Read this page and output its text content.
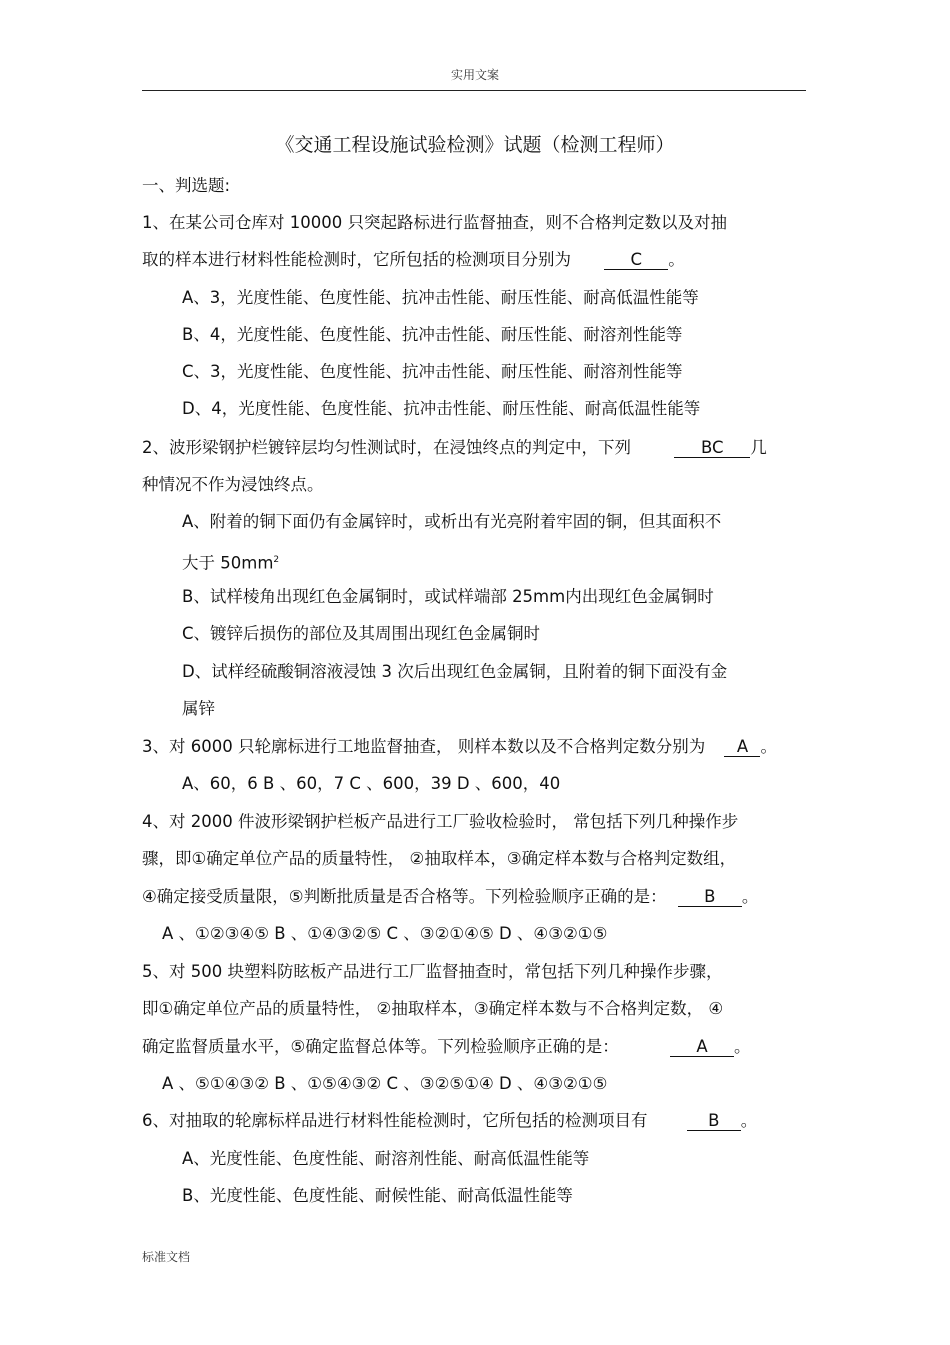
实用文案
《交通工程设施试验检测》试题（检测工程师）
一、判选题:
1、在某公司仓库对 10000 只突起路标进行监督抽查，则不合格判定数以及对抽
取的样本进行材料性能检测时，它所包括的检测项目分别为	C 。
A、3，光度性能、色度性能、抗冲击性能、耐压性能、耐高低温性能等
B、4，光度性能、色度性能、抗冲击性能、耐压性能、耐溶剂性能等
C、3，光度性能、色度性能、抗冲击性能、耐压性能、耐溶剂性能等
D、4，光度性能、色度性能、抗冲击性能、耐压性能、耐高低温性能等
2、波形梁钢护栏镀锌层均匀性测试时，在浸蚀终点的判定中，下列	BC 几
种情况不作为浸蚀终点。
A、附着的铜下面仍有金属锌时，或析出有光亮附着牢固的铜，但其面积不
大于 $50mm^2$
B、试样棱角出现红色金属铜时，或试样端部 25mm内出现红色金属铜时
C、镀锌后损伤的部位及其周围出现红色金属铜时
D、试样经硫酸铜溶液浸蚀 3 次后出现红色金属铜，且附着的铜下面没有金
属锌
3、对 6000 只轮廓标进行工地监督抽查， 则样本数以及不合格判定数分别为 A 。
A、60，6 B 、60，7 C 、600，39 D 、600，40
4、对 2000 件波形梁钢护栏板产品进行工厂验收检验时， 常包括下列几种操作步
骤，即①确定单位产品的质量特性， ②抽取样本，③确定样本数与合格判定数组，
④确定接受质量限，⑤判断批质量是否合格等。下列检验顺序正确的是： B 。
A 、①②③④⑤ B 、①④③②⑤ C 、③②①④⑤ D 、④③②①⑤
5、对 500 块塑料防眩板产品进行工厂监督抽查时，常包括下列几种操作步骤，
即①确定单位产品的质量特性， ②抽取样本，③确定样本数与不合格判定数， ④
确定监督质量水平，⑤确定监督总体等。下列检验顺序正确的是：	A 。
A 、⑤①④③② B 、①⑤④③② C 、③②⑤①④ D 、④③②①⑤
6、对抽取的轮廓标样品进行材料性能检测时，它所包括的检测项目有	B 。
A、光度性能、色度性能、耐溶剂性能、耐高低温性能等
B、光度性能、色度性能、耐候性能、耐高低温性能等
标准文档
